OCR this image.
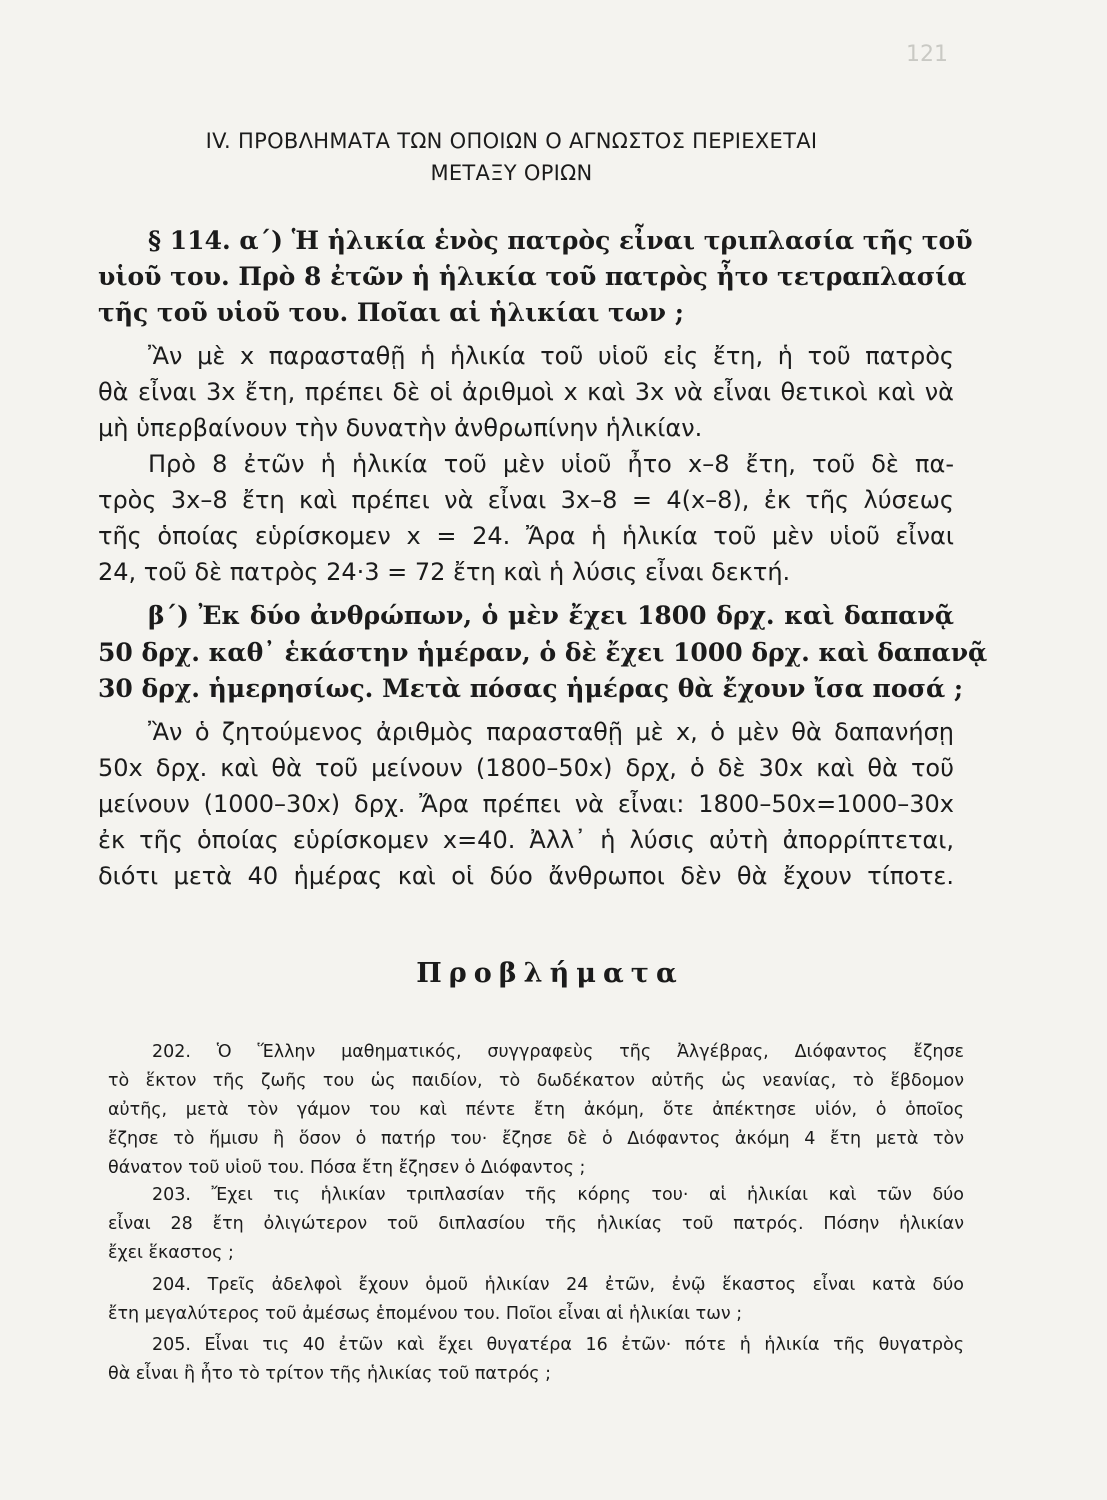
121
IV. ΠΡΟΒΛΗΜΑΤΑ ΤΩΝ ΟΠΟΙΩΝ Ο ΑΓΝΩΣΤΟΣ ΠΕΡΙΕΧΕΤΑΙ
ΜΕΤΑΞΥ ΟΡΙΩΝ
§ 114. α΄) Ἡ ἡλικία ἑνὸς πατρὸς εἶναι τριπλασία τῆς τοῦ
υἱοῦ του. Πρὸ 8 ἐτῶν ἡ ἡλικία τοῦ πατρὸς ἦτο τετραπλασία
τῆς τοῦ υἱοῦ του. Ποῖαι αἱ ἡλικίαι των ;
Ἂν μὲ x παρασταθῇ ἡ ἡλικία τοῦ υἱοῦ εἰς ἔτη, ἡ τοῦ πατρὸς
θὰ εἶναι 3x ἔτη, πρέπει δὲ οἱ ἀριθμοὶ x καὶ 3x νὰ εἶναι θετικοὶ καὶ νὰ
μὴ ὑπερβαίνουν τὴν δυνατὴν ἀνθρωπίνην ἡλικίαν.
Πρὸ 8 ἐτῶν ἡ ἡλικία τοῦ μὲν υἱοῦ ἦτο x–8 ἔτη, τοῦ δὲ πα-
τρὸς 3x–8 ἔτη καὶ πρέπει νὰ εἶναι 3x–8 = 4(x–8), ἐκ τῆς λύσεως
τῆς ὁποίας εὑρίσκομεν x = 24. Ἄρα ἡ ἡλικία τοῦ μὲν υἱοῦ εἶναι
24, τοῦ δὲ πατρὸς 24·3 = 72 ἔτη καὶ ἡ λύσις εἶναι δεκτή.
β΄) Ἐκ δύο ἀνθρώπων, ὁ μὲν ἔχει 1800 δρχ. καὶ δαπανᾷ
50 δρχ. καθ᾽ ἑκάστην ἡμέραν, ὁ δὲ ἔχει 1000 δρχ. καὶ δαπανᾷ
30 δρχ. ἡμερησίως. Μετὰ πόσας ἡμέρας θὰ ἔχουν ἴσα ποσά ;
Ἂν ὁ ζητούμενος ἀριθμὸς παρασταθῇ μὲ x, ὁ μὲν θὰ δαπανήσῃ
50x δρχ. καὶ θὰ τοῦ μείνουν (1800–50x) δρχ, ὁ δὲ 30x καὶ θὰ τοῦ
μείνουν (1000–30x) δρχ. Ἄρα πρέπει νὰ εἶναι: 1800–50x=1000–30x
ἐκ τῆς ὁποίας εὑρίσκομεν x=40. Ἀλλ᾽ ἡ λύσις αὐτὴ ἀπορρίπτεται,
διότι μετὰ 40 ἡμέρας καὶ οἱ δύο ἄνθρωποι δὲν θὰ ἔχουν τίποτε.
Προβλήματα
202. Ὁ Ἕλλην μαθηματικός, συγγραφεὺς τῆς Ἀλγέβρας, Διόφαντος ἔζησε
τὸ ἕκτον τῆς ζωῆς του ὡς παιδίον, τὸ δωδέκατον αὐτῆς ὡς νεανίας, τὸ ἕβδομον
αὐτῆς, μετὰ τὸν γάμον του καὶ πέντε ἔτη ἀκόμη, ὅτε ἀπέκτησε υἱόν, ὁ ὁποῖος
ἔζησε τὸ ἥμισυ ἢ ὅσον ὁ πατήρ του· ἔζησε δὲ ὁ Διόφαντος ἀκόμη 4 ἔτη μετὰ τὸν
θάνατον τοῦ υἱοῦ του. Πόσα ἔτη ἔζησεν ὁ Διόφαντος ;
203. Ἔχει τις ἡλικίαν τριπλασίαν τῆς κόρης του· αἱ ἡλικίαι καὶ τῶν δύο
εἶναι 28 ἔτη ὀλιγώτερον τοῦ διπλασίου τῆς ἡλικίας τοῦ πατρός. Πόσην ἡλικίαν
ἔχει ἕκαστος ;
204. Τρεῖς ἀδελφοὶ ἔχουν ὁμοῦ ἡλικίαν 24 ἐτῶν, ἐνῷ ἕκαστος εἶναι κατὰ δύο
ἔτη μεγαλύτερος τοῦ ἀμέσως ἑπομένου του. Ποῖοι εἶναι αἱ ἡλικίαι των ;
205. Εἶναι τις 40 ἐτῶν καὶ ἔχει θυγατέρα 16 ἐτῶν· πότε ἡ ἡλικία τῆς θυγατρὸς
θὰ εἶναι ἢ ἦτο τὸ τρίτον τῆς ἡλικίας τοῦ πατρός ;
